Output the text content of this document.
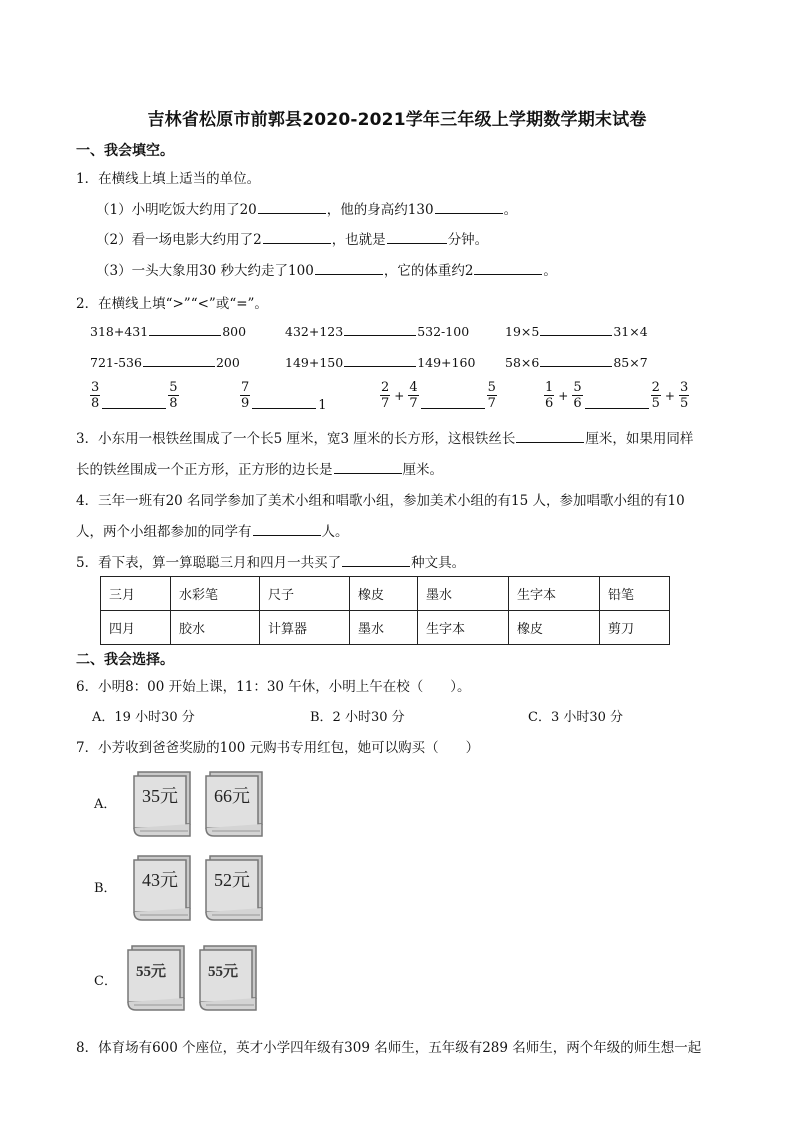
吉林省松原市前郭县2020-2021学年三年级上学期数学期末试卷
一、我会填空。
1．在横线上填上适当的单位。
（1）小明吃饭大约用了20	，他的身高约130	。
（2）看一场电影大约用了2	，也就是	分钟。
（3）一头大象用30 秒大约走了100	，它的体重约2	。
2．在横线上填“>”“<”或“=”。
318+431	800	432+123	532-100	19×5	31×4
721-536	200	149+150	149+160 58×6	85×7
$\frac{3}{8}$	$\frac{5}{8}$	$\frac{7}{9}$	1	$\frac{2}{7} + \frac{4}{7}$	$\frac{5}{7}$	$\frac{1}{6} + \frac{5}{6}$	$\frac{2}{5} + \frac{3}{5}$
3．小东用一根铁丝围成了一个长5 厘米，宽3 厘米的长方形，这根铁丝长	厘米，如果用同样
长的铁丝围成一个正方形，正方形的边长是	厘米。
4．三年一班有20 名同学参加了美术小组和唱歌小组，参加美术小组的有15 人，参加唱歌小组的有10
人，两个小组都参加的同学有	人。
5．看下表，算一算聪聪三月和四月一共买了	种文具。
三月	水彩笔	尺子	橡皮	墨水	生字本	铅笔
四月	胶水	计算器	墨水	生字本	橡皮	剪刀
二、我会选择。
6．小明8：00 开始上课，11：30 午休，小明上午在校（　　）。
A．19 小时30 分	B．2 小时30 分	C．3 小时30 分
7．小芳收到爸爸奖励的100 元购书专用红包，她可以购买（　　）
A．
B．
C．
35元 66元
43元 52元
55元	55元
8．体育场有600 个座位，英才小学四年级有309 名师生，五年级有289 名师生，两个年级的师生想一起
